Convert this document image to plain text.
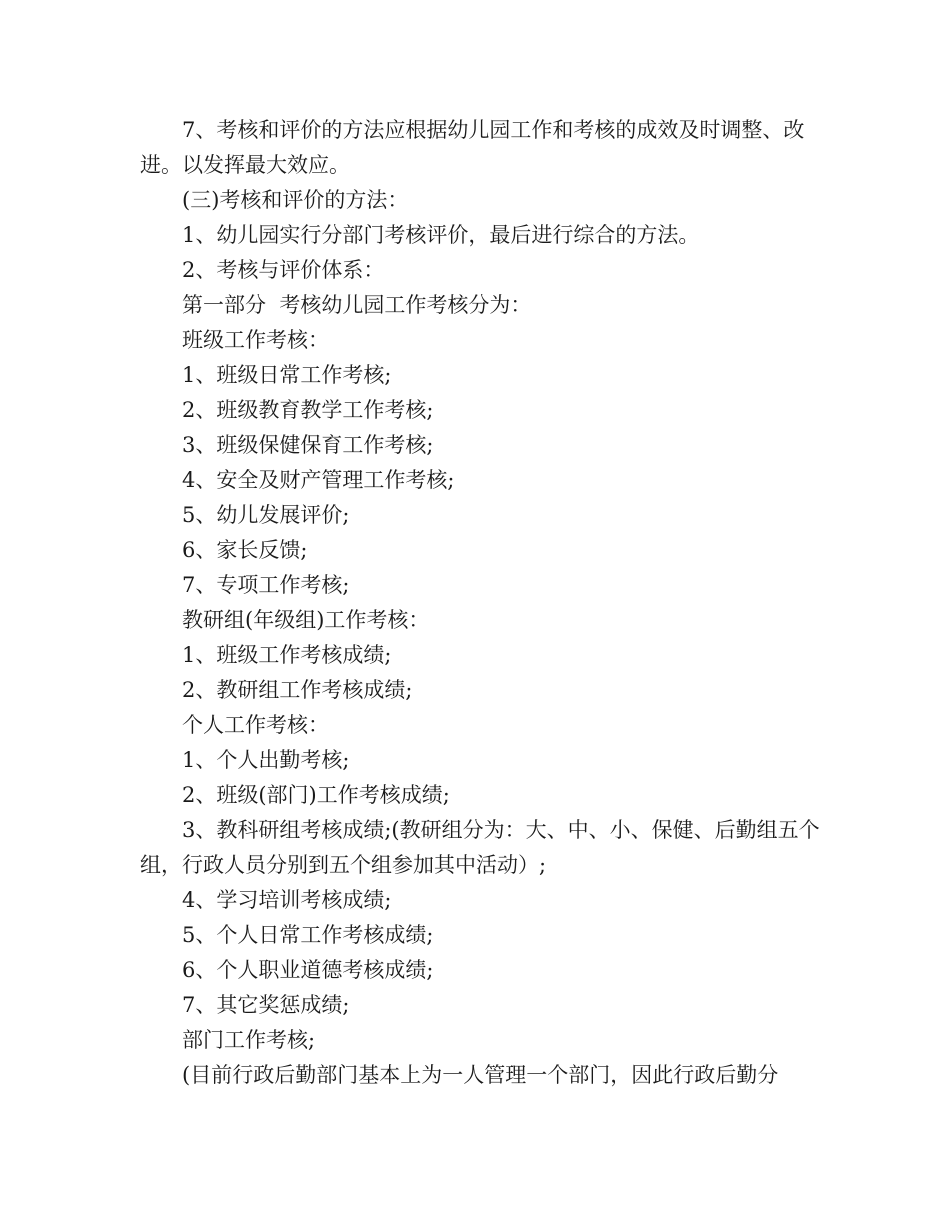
7、考核和评价的方法应根据幼儿园工作和考核的成效及时调整、改进。以发挥最大效应。

(三)考核和评价的方法：

1、幼儿园实行分部门考核评价，最后进行综合的方法。

2、考核与评价体系：

第一部分  考核幼儿园工作考核分为：

班级工作考核：

1、班级日常工作考核;

2、班级教育教学工作考核;

3、班级保健保育工作考核;

4、安全及财产管理工作考核;

5、幼儿发展评价;

6、家长反馈;

7、专项工作考核;

教研组(年级组)工作考核：

1、班级工作考核成绩;

2、教研组工作考核成绩;

个人工作考核：

1、个人出勤考核;

2、班级(部门)工作考核成绩;

3、教科研组考核成绩;(教研组分为：大、中、小、保健、后勤组五个组，行政人员分别到五个组参加其中活动）;

4、学习培训考核成绩;

5、个人日常工作考核成绩;

6、个人职业道德考核成绩;

7、其它奖惩成绩;

部门工作考核;

(目前行政后勤部门基本上为一人管理一个部门，因此行政后勤分
